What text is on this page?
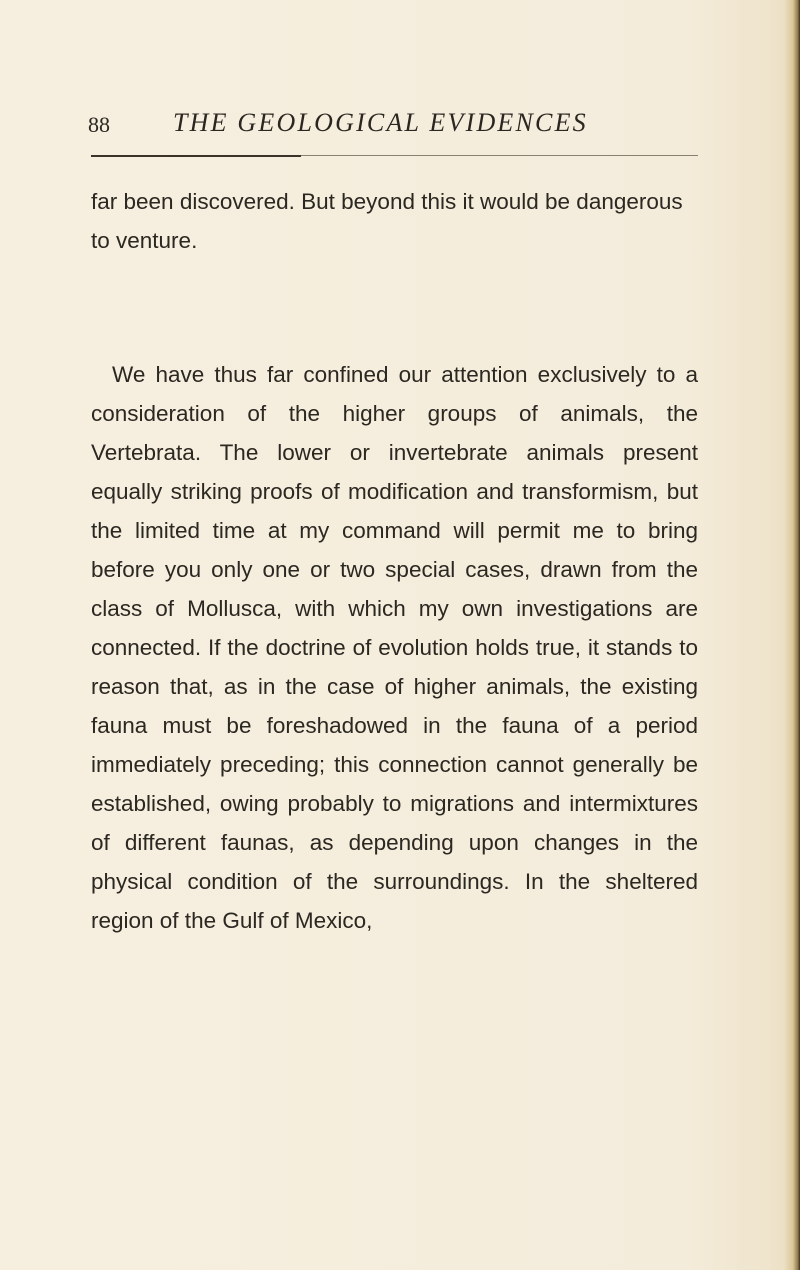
88 THE GEOLOGICAL EVIDENCES
far been discovered. But beyond this it would be dangerous to venture.
We have thus far confined our attention exclusively to a consideration of the higher groups of animals, the Vertebrata. The lower or invertebrate animals present equally striking proofs of modification and transformism, but the limited time at my command will permit me to bring before you only one or two special cases, drawn from the class of Mollusca, with which my own investigations are connected. If the doctrine of evolution holds true, it stands to reason that, as in the case of higher animals, the existing fauna must be foreshadowed in the fauna of a period immediately preceding; this connection cannot generally be established, owing probably to migrations and intermixtures of different faunas, as depending upon changes in the physical condition of the surroundings. In the sheltered region of the Gulf of Mexico,
